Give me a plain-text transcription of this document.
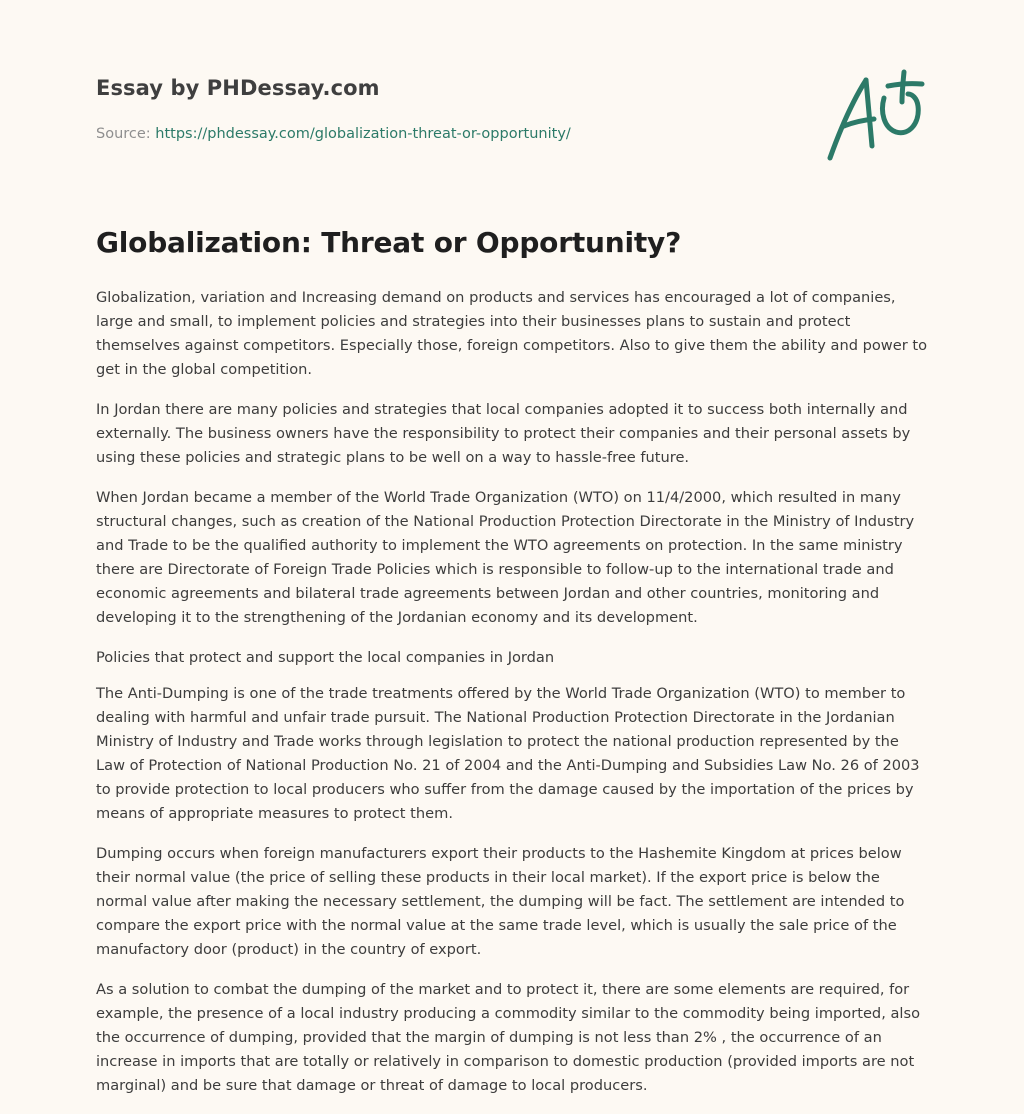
Essay by PHDessay.com
Source: https://phdessay.com/globalization-threat-or-opportunity/
Globalization: Threat or Opportunity?

Globalization, variation and Increasing demand on products and services has encouraged a lot of companies, large and small, to implement policies and strategies into their businesses plans to sustain and protect themselves against competitors. Especially those, foreign competitors. Also to give them the ability and power to get in the global competition.

In Jordan there are many policies and strategies that local companies adopted it to success both internally and externally. The business owners have the responsibility to protect their companies and their personal assets by using these policies and strategic plans to be well on a way to hassle-free future.

When Jordan became a member of the World Trade Organization (WTO) on 11/4/2000, which resulted in many structural changes, such as creation of the National Production Protection Directorate in the Ministry of Industry and Trade to be the qualified authority to implement the WTO agreements on protection. In the same ministry there are Directorate of Foreign Trade Policies which is responsible to follow-up to the international trade and economic agreements and bilateral trade agreements between Jordan and other countries, monitoring and developing it to the strengthening of the Jordanian economy and its development.

Policies that protect and support the local companies in Jordan

The Anti-Dumping is one of the trade treatments offered by the World Trade Organization (WTO) to member to dealing with harmful and unfair trade pursuit. The National Production Protection Directorate in the Jordanian Ministry of Industry and Trade works through legislation to protect the national production represented by the Law of Protection of National Production No. 21 of 2004 and the Anti-Dumping and Subsidies Law No. 26 of 2003 to provide protection to local producers who suffer from the damage caused by the importation of the prices by means of appropriate measures to protect them.

Dumping occurs when foreign manufacturers export their products to the Hashemite Kingdom at prices below their normal value (the price of selling these products in their local market). If the export price is below the normal value after making the necessary settlement, the dumping will be fact. The settlement are intended to compare the export price with the normal value at the same trade level, which is usually the sale price of the manufactory door (product) in the country of export.

As a solution to combat the dumping of the market and to protect it, there are some elements are required, for example, the presence of a local industry producing a commodity similar to the commodity being imported, also the occurrence of dumping, provided that the margin of dumping is not less than 2% , the occurrence of an increase in imports that are totally or relatively in comparison to domestic production (provided imports are not marginal) and be sure that damage or threat of damage to local producers.
